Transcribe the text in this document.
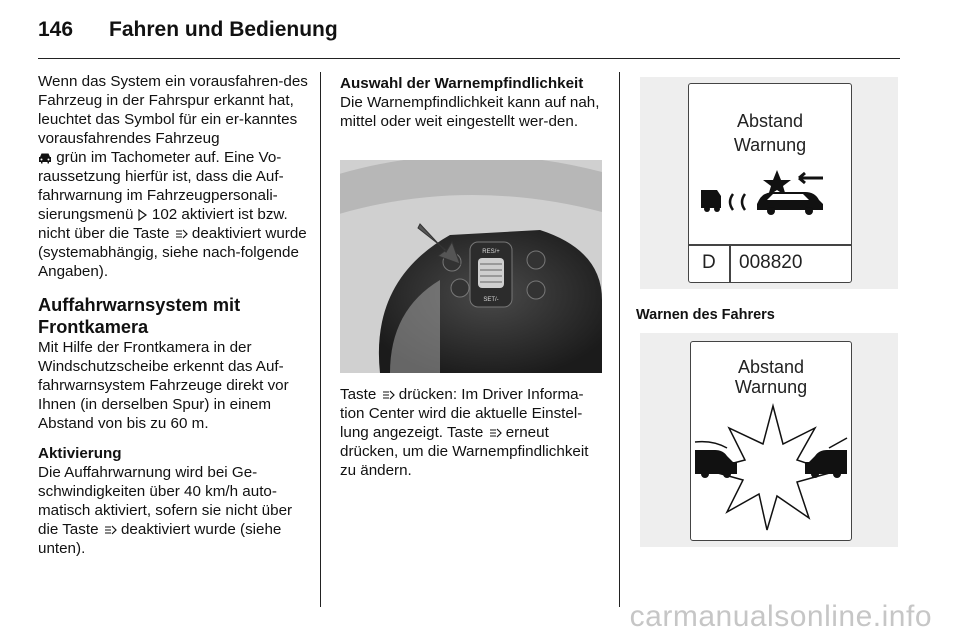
146 Fahren und Bedienung

Wenn das System ein vorausfahren-des Fahrzeug in der Fahrspur erkannt hat, leuchtet das Symbol für ein er-kanntes vorausfahrendes Fahrzeug
grün im Tachometer auf. Eine Vo-raussetzung hierfür ist, dass die Auf-fahrwarnung im Fahrzeugpersonali-sierungsmenü 102 aktiviert ist bzw. nicht über die Taste deaktiviert wurde (systemabhängig, siehe nach-folgende Angaben).

Auffahrwarnsystem mit Frontkamera

Mit Hilfe der Frontkamera in der Windschutzscheibe erkennt das Auf-fahrwarnsystem Fahrzeuge direkt vor Ihnen (in derselben Spur) in einem Abstand von bis zu 60 m.

Aktivierung

Die Auffahrwarnung wird bei Ge-schwindigkeiten über 40 km/h auto-matisch aktiviert, sofern sie nicht über die Taste deaktiviert wurde (siehe unten).

Auswahl der Warnempfindlichkeit

Die Warnempfindlichkeit kann auf nah, mittel oder weit eingestellt wer-den.

RES/+
SET/-

Taste drücken: Im Driver Informa-tion Center wird die aktuelle Einstel-lung angezeigt. Taste erneut drücken, um die Warnempfindlichkeit zu ändern.

Abstand
Warnung
D 008820
Warnen des Fahrers
Abstand
Warnung
carmanualsonline.info
